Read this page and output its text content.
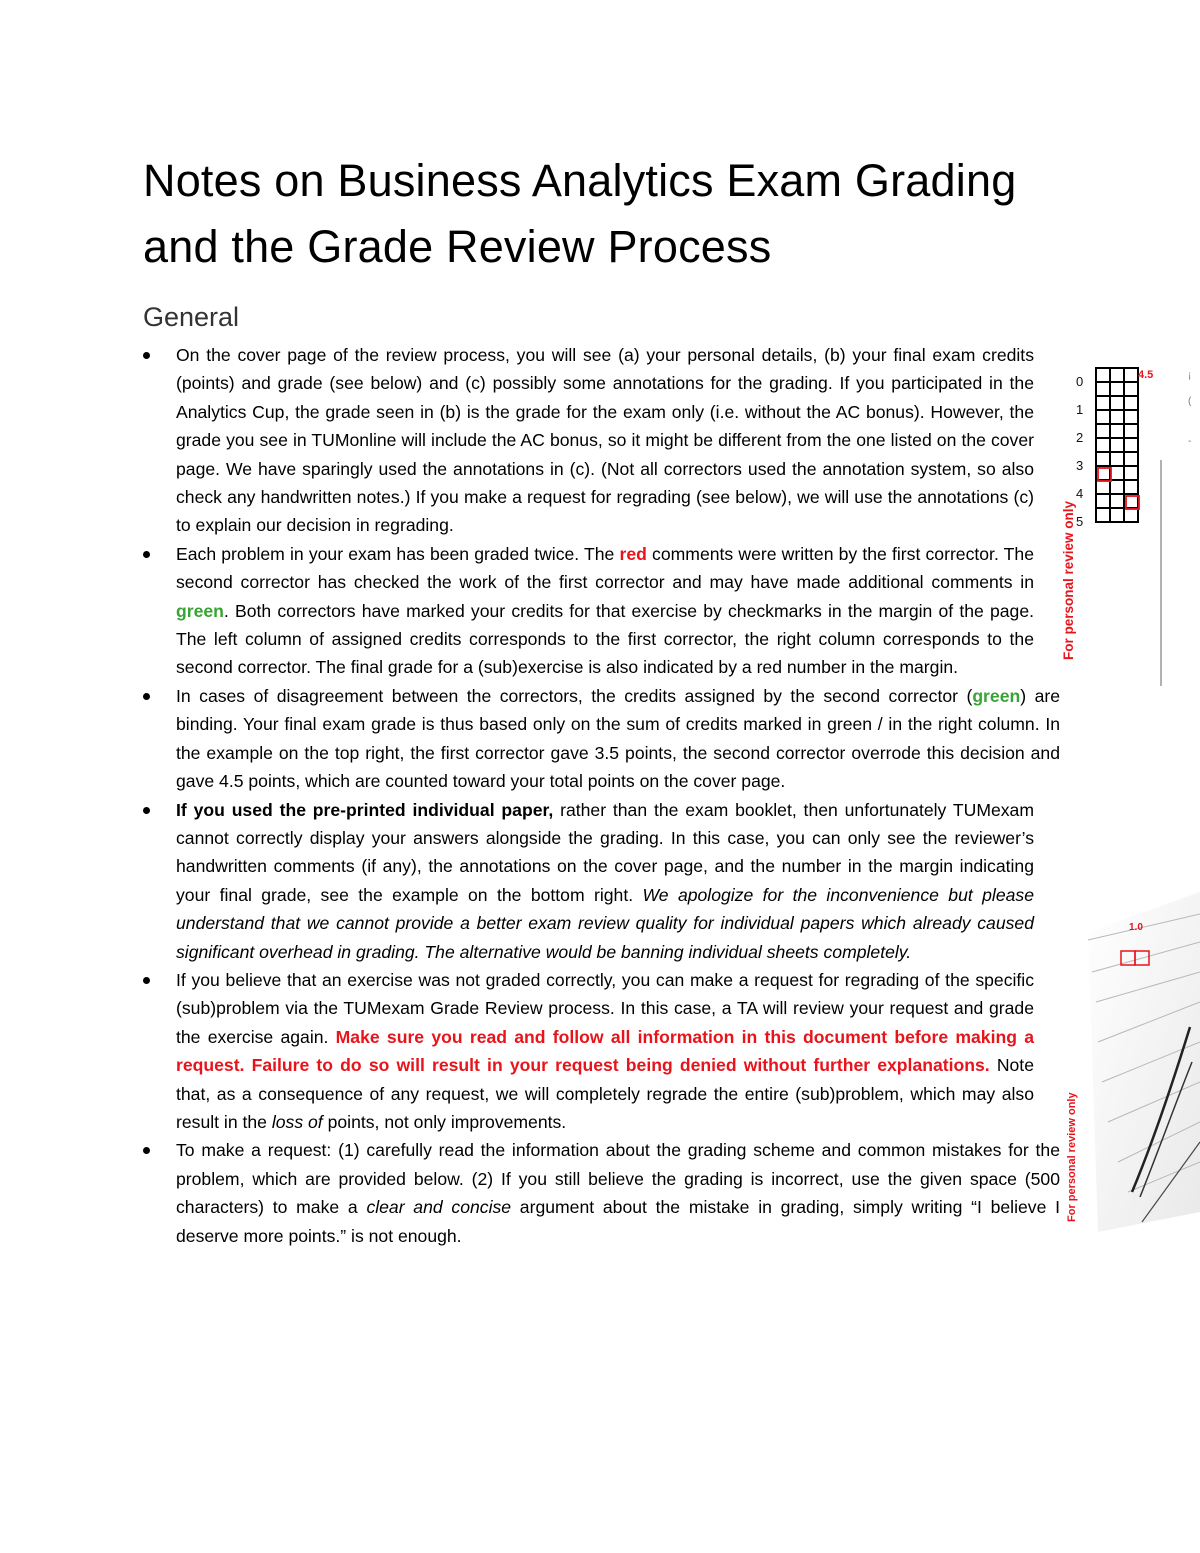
Notes on Business Analytics Exam Grading and the Grade Review Process
General
On the cover page of the review process, you will see (a) your personal details, (b) your final exam credits (points) and grade (see below) and (c) possibly some annotations for the grading. If you participated in the Analytics Cup, the grade seen in (b) is the grade for the exam only (i.e. without the AC bonus). However, the grade you see in TUMonline will include the AC bonus, so it might be different from the one listed on the cover page. We have sparingly used the annotations in (c). (Not all correctors used the annotation system, so also check any handwritten notes.) If you make a request for regrading (see below), we will use the annotations (c) to explain our decision in regrading.
Each problem in your exam has been graded twice. The red comments were written by the first corrector. The second corrector has checked the work of the first corrector and may have made additional comments in green. Both correctors have marked your credits for that exercise by checkmarks in the margin of the page. The left column of assigned credits corresponds to the first corrector, the right column corresponds to the second corrector. The final grade for a (sub)exercise is also indicated by a red number in the margin.
In cases of disagreement between the correctors, the credits assigned by the second corrector (green) are binding. Your final exam grade is thus based only on the sum of credits marked in green / in the right column. In the example on the top right, the first corrector gave 3.5 points, the second corrector overrode this decision and gave 4.5 points, which are counted toward your total points on the cover page.
If you used the pre-printed individual paper, rather than the exam booklet, then unfortunately TUMexam cannot correctly display your answers alongside the grading. In this case, you can only see the reviewer’s handwritten comments (if any), the annotations on the cover page, and the number in the margin indicating your final grade, see the example on the bottom right. We apologize for the inconvenience but please understand that we cannot provide a better exam review quality for individual papers which already caused significant overhead in grading. The alternative would be banning individual sheets completely.
If you believe that an exercise was not graded correctly, you can make a request for regrading of the specific (sub)problem via the TUMexam Grade Review process. In this case, a TA will review your request and grade the exercise again. Make sure you read and follow all information in this document before making a request. Failure to do so will result in your request being denied without further explanations. Note that, as a consequence of any request, we will completely regrade the entire (sub)problem, which may also result in the loss of points, not only improvements.
To make a request: (1) carefully read the information about the grading scheme and common mistakes for the problem, which are provided below. (2) If you still believe the grading is incorrect, use the given space (500 characters) to make a clear and concise argument about the mistake in grading, simply writing “I believe I deserve more points.” is not enough.
0
1
2
3
4
5
4.5	¡
(
-
For personal review only
1.0
For personal review only
